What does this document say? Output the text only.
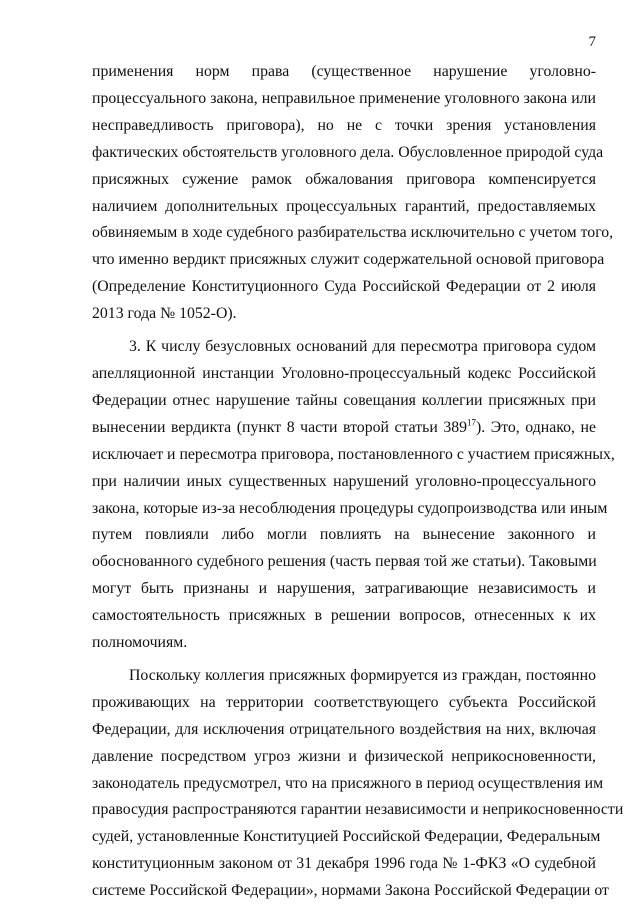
7
применения норм права (существенное нарушение уголовно-
процессуального закона, неправильное применение уголовного закона или
несправедливость приговора), но не с точки зрения установления
фактических обстоятельств уголовного дела. Обусловленное природой суда
присяжных сужение рамок обжалования приговора компенсируется
наличием дополнительных процессуальных гарантий, предоставляемых
обвиняемым в ходе судебного разбирательства исключительно с учетом того,
что именно вердикт присяжных служит содержательной основой приговора
(Определение Конституционного Суда Российской Федерации от 2 июля
2013 года № 1052-О).
3. К числу безусловных оснований для пересмотра приговора судом
апелляционной инстанции Уголовно-процессуальный кодекс Российской
Федерации отнес нарушение тайны совещания коллегии присяжных при
вынесении вердикта (пункт 8 части второй статьи $389^{17}$). Это, однако, не
исключает и пересмотра приговора, постановленного с участием присяжных,
при наличии иных существенных нарушений уголовно-процессуального
закона, которые из-за несоблюдения процедуры судопроизводства или иным
путем повлияли либо могли повлиять на вынесение законного и
обоснованного судебного решения (часть первая той же статьи). Таковыми
могут быть признаны и нарушения, затрагивающие независимость и
самостоятельность присяжных в решении вопросов, отнесенных к их
полномочиям.
Поскольку коллегия присяжных формируется из граждан, постоянно
проживающих на территории соответствующего субъекта Российской
Федерации, для исключения отрицательного воздействия на них, включая
давление посредством угроз жизни и физической неприкосновенности,
законодатель предусмотрел, что на присяжного в период осуществления им
правосудия распространяются гарантии независимости и неприкосновенности
судей, установленные Конституцией Российской Федерации, Федеральным
конституционным законом от 31 декабря 1996 года № 1-ФКЗ «О судебной
системе Российской Федерации», нормами Закона Российской Федерации от
